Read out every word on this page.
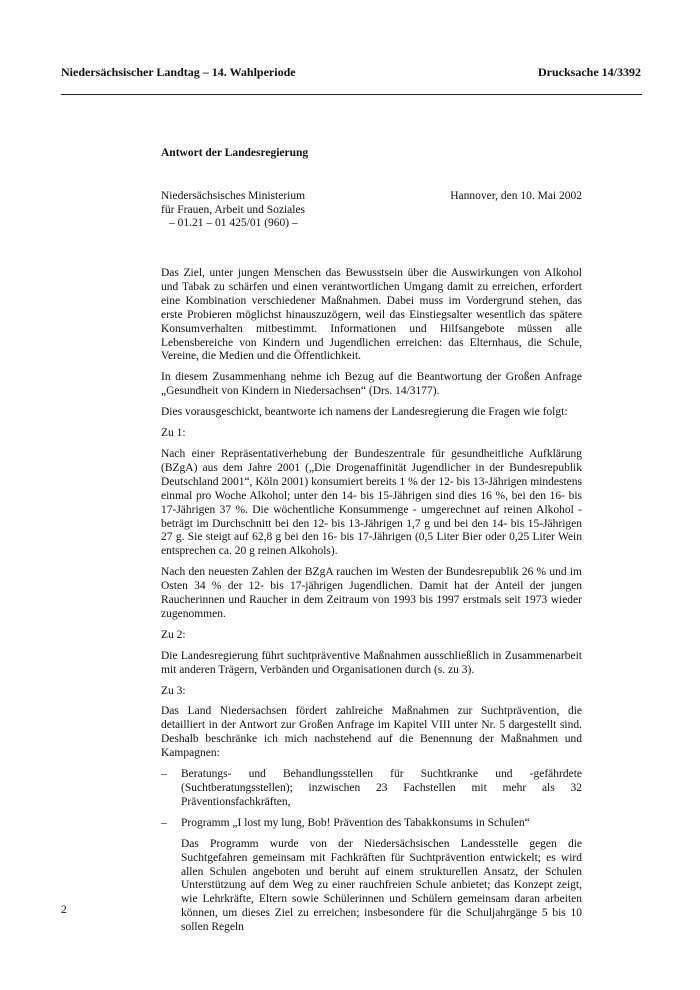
Niedersächsischer Landtag – 14. Wahlperiode	Drucksache 14/3392
Antwort der Landesregierung
Niedersächsisches Ministerium
für Frauen, Arbeit und Soziales
– 01.21 – 01 425/01 (960) –
Hannover, den 10. Mai 2002

Das Ziel, unter jungen Menschen das Bewusstsein über die Auswirkungen von Alkohol und Tabak zu schärfen und einen verantwortlichen Umgang damit zu erreichen, erfordert eine Kombination verschiedener Maßnahmen. Dabei muss im Vordergrund stehen, das erste Probieren möglichst hinauszuzögern, weil das Einstiegsalter wesentlich das spätere Konsumverhalten mitbestimmt. Informationen und Hilfsangebote müssen alle Lebensbereiche von Kindern und Jugendlichen erreichen: das Elternhaus, die Schule, Vereine, die Medien und die Öffentlichkeit.

In diesem Zusammenhang nehme ich Bezug auf die Beantwortung der Großen Anfrage „Gesundheit von Kindern in Niedersachsen“ (Drs. 14/3177).

Dies vorausgeschickt, beantworte ich namens der Landesregierung die Fragen wie folgt:

Zu 1:

Nach einer Repräsentativerhebung der Bundeszentrale für gesundheitliche Aufklärung (BZgA) aus dem Jahre 2001 („Die Drogenaffinität Jugendlicher in der Bundesrepublik Deutschland 2001“, Köln 2001) konsumiert bereits 1 % der 12- bis 13-Jährigen mindestens einmal pro Woche Alkohol; unter den 14- bis 15-Jährigen sind dies 16 %, bei den 16- bis 17-Jährigen 37 %. Die wöchentliche Konsummenge - umgerechnet auf reinen Alkohol - beträgt im Durchschnitt bei den 12- bis 13-Jährigen 1,7 g und bei den 14- bis 15-Jährigen 27 g. Sie steigt auf 62,8 g bei den 16- bis 17-Jährigen (0,5 Liter Bier oder 0,25 Liter Wein entsprechen ca. 20 g reinen Alkohols).

Nach den neuesten Zahlen der BZgA rauchen im Westen der Bundesrepublik 26 % und im Osten 34 % der 12- bis 17-jährigen Jugendlichen. Damit hat der Anteil der jungen Raucherinnen und Raucher in dem Zeitraum von 1993 bis 1997 erstmals seit 1973 wieder zugenommen.

Zu 2:

Die Landesregierung führt suchtpräventive Maßnahmen ausschließlich in Zusammenarbeit mit anderen Trägern, Verbänden und Organisationen durch (s. zu 3).

Zu 3:

Das Land Niedersachsen fördert zahlreiche Maßnahmen zur Suchtprävention, die detailliert in der Antwort zur Großen Anfrage im Kapitel VIII unter Nr. 5 dargestellt sind. Deshalb beschränke ich mich nachstehend auf die Benennung der Maßnahmen und Kampagnen:

– Beratungs- und Behandlungsstellen für Suchtkranke und -gefährdete (Suchtberatungsstellen); inzwischen 23 Fachstellen mit mehr als 32 Präventionsfachkräften,
– Programm „I lost my lung, Bob! Prävention des Tabakkonsums in Schulen“

Das Programm wurde von der Niedersächsischen Landesstelle gegen die Suchtgefahren gemeinsam mit Fachkräften für Suchtprävention entwickelt; es wird allen Schulen angeboten und beruht auf einem strukturellen Ansatz, der Schulen Unterstützung auf dem Weg zu einer rauchfreien Schule anbietet; das Konzept zeigt, wie Lehrkräfte, Eltern sowie Schülerinnen und Schülern gemeinsam daran arbeiten können, um dieses Ziel zu erreichen; insbesondere für die Schuljahrgänge 5 bis 10 sollen Regeln

2
